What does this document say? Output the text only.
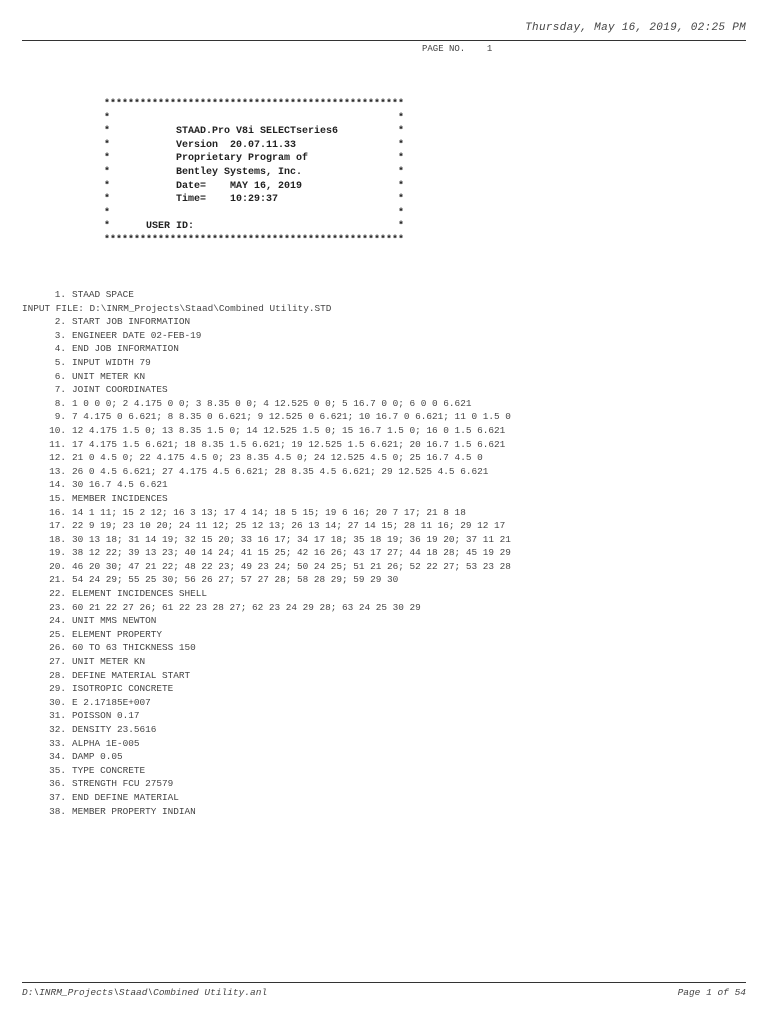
Thursday, May 16, 2019, 02:25 PM
PAGE NO. 1
**************************************************
*                                                *
*           STAAD.Pro V8i SELECTseries6          *
*           Version  20.07.11.33                 *
*           Proprietary Program of               *
*           Bentley Systems, Inc.                *
*           Date=    MAY 16, 2019                *
*           Time=    10:29:37                    *
*                                                *
*      USER ID:                                  *
**************************************************
1. STAAD SPACE
INPUT FILE: D:\INRM_Projects\Staad\Combined Utility.STD
2. START JOB INFORMATION
3. ENGINEER DATE 02-FEB-19
4. END JOB INFORMATION
5. INPUT WIDTH 79
6. UNIT METER KN
7. JOINT COORDINATES
8. 1 0 0 0; 2 4.175 0 0; 3 8.35 0 0; 4 12.525 0 0; 5 16.7 0 0; 6 0 0 6.621
9. 7 4.175 0 6.621; 8 8.35 0 6.621; 9 12.525 0 6.621; 10 16.7 0 6.621; 11 0 1.5 0
10. 12 4.175 1.5 0; 13 8.35 1.5 0; 14 12.525 1.5 0; 15 16.7 1.5 0; 16 0 1.5 6.621
11. 17 4.175 1.5 6.621; 18 8.35 1.5 6.621; 19 12.525 1.5 6.621; 20 16.7 1.5 6.621
12. 21 0 4.5 0; 22 4.175 4.5 0; 23 8.35 4.5 0; 24 12.525 4.5 0; 25 16.7 4.5 0
13. 26 0 4.5 6.621; 27 4.175 4.5 6.621; 28 8.35 4.5 6.621; 29 12.525 4.5 6.621
14. 30 16.7 4.5 6.621
15. MEMBER INCIDENCES
16. 14 1 11; 15 2 12; 16 3 13; 17 4 14; 18 5 15; 19 6 16; 20 7 17; 21 8 18
17. 22 9 19; 23 10 20; 24 11 12; 25 12 13; 26 13 14; 27 14 15; 28 11 16; 29 12 17
18. 30 13 18; 31 14 19; 32 15 20; 33 16 17; 34 17 18; 35 18 19; 36 19 20; 37 11 21
19. 38 12 22; 39 13 23; 40 14 24; 41 15 25; 42 16 26; 43 17 27; 44 18 28; 45 19 29
20. 46 20 30; 47 21 22; 48 22 23; 49 23 24; 50 24 25; 51 21 26; 52 22 27; 53 23 28
21. 54 24 29; 55 25 30; 56 26 27; 57 27 28; 58 28 29; 59 29 30
22. ELEMENT INCIDENCES SHELL
23. 60 21 22 27 26; 61 22 23 28 27; 62 23 24 29 28; 63 24 25 30 29
24. UNIT MMS NEWTON
25. ELEMENT PROPERTY
26. 60 TO 63 THICKNESS 150
27. UNIT METER KN
28. DEFINE MATERIAL START
29. ISOTROPIC CONCRETE
30. E 2.17185E+007
31. POISSON 0.17
32. DENSITY 23.5616
33. ALPHA 1E-005
34. DAMP 0.05
35. TYPE CONCRETE
36. STRENGTH FCU 27579
37. END DEFINE MATERIAL
38. MEMBER PROPERTY INDIAN
D:\INRM_Projects\Staad\Combined Utility.anl	Page 1 of 54
